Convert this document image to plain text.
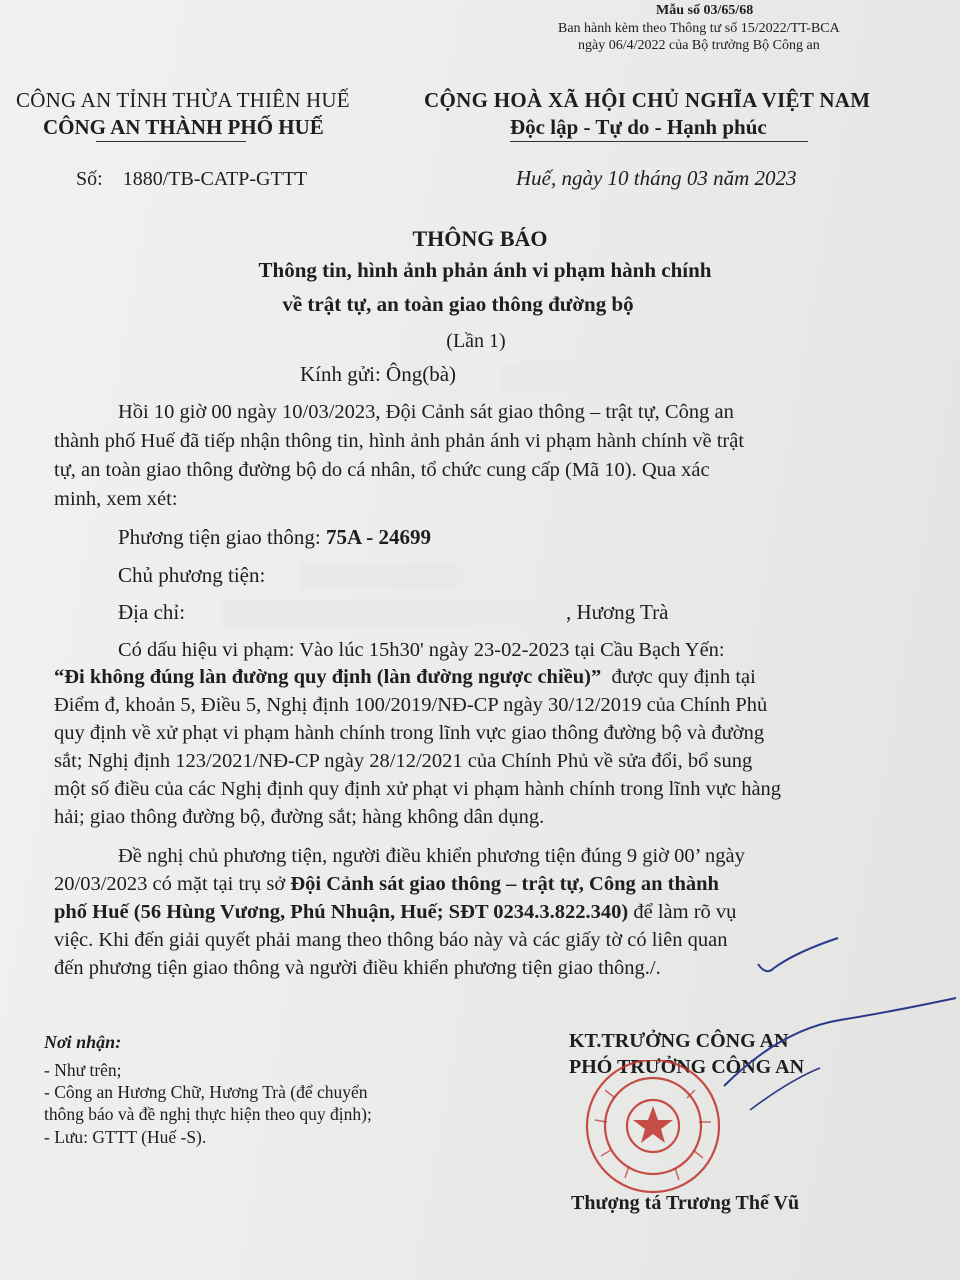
Mẫu số 03/65/68
Ban hành kèm theo Thông tư số 15/2022/TT-BCA
ngày 06/4/2022 của Bộ trưởng Bộ Công an
CÔNG AN TỈNH THỪA THIÊN HUẾ
CÔNG AN THÀNH PHỐ HUẾ
CỘNG HOÀ XÃ HỘI CHỦ NGHĨA VIỆT NAM
Độc lập - Tự do - Hạnh phúc
Số: 1880/TB-CATP-GTTT	Huế, ngày 10 tháng 03 năm 2023
THÔNG BÁO
Thông tin, hình ảnh phản ánh vi phạm hành chính
về trật tự, an toàn giao thông đường bộ
(Lần 1)
Kính gửi: Ông(bà)
Hồi 10 giờ 00 ngày 10/03/2023, Đội Cảnh sát giao thông – trật tự, Công an
thành phố Huế đã tiếp nhận thông tin, hình ảnh phản ánh vi phạm hành chính về trật
tự, an toàn giao thông đường bộ do cá nhân, tổ chức cung cấp (Mã 10). Qua xác
minh, xem xét:
Phương tiện giao thông: 75A - 24699
Chủ phương tiện:
Địa chỉ:	, Hương Trà
Có dấu hiệu vi phạm: Vào lúc 15h30' ngày 23-02-2023 tại Cầu Bạch Yến:
“Đi không đúng làn đường quy định (làn đường ngược chiều)” được quy định tại
Điểm đ, khoản 5, Điều 5, Nghị định 100/2019/NĐ-CP ngày 30/12/2019 của Chính Phủ
quy định về xử phạt vi phạm hành chính trong lĩnh vực giao thông đường bộ và đường
sắt; Nghị định 123/2021/NĐ-CP ngày 28/12/2021 của Chính Phủ về sửa đổi, bổ sung
một số điều của các Nghị định quy định xử phạt vi phạm hành chính trong lĩnh vực hàng
hải; giao thông đường bộ, đường sắt; hàng không dân dụng.
Đề nghị chủ phương tiện, người điều khiển phương tiện đúng 9 giờ 00’ ngày
20/03/2023 có mặt tại trụ sở Đội Cảnh sát giao thông – trật tự, Công an thành
phố Huế (56 Hùng Vương, Phú Nhuận, Huế; SĐT 0234.3.822.340) để làm rõ vụ
việc. Khi đến giải quyết phải mang theo thông báo này và các giấy tờ có liên quan
đến phương tiện giao thông và người điều khiển phương tiện giao thông./.
Nơi nhận:
- Như trên;
- Công an Hương Chữ, Hương Trà (để chuyển
thông báo và đề nghị thực hiện theo quy định);
- Lưu: GTTT (Huế -S).
KT.TRƯỞNG CÔNG AN
PHÓ TRƯỞNG CÔNG AN
Thượng tá Trương Thế Vũ
